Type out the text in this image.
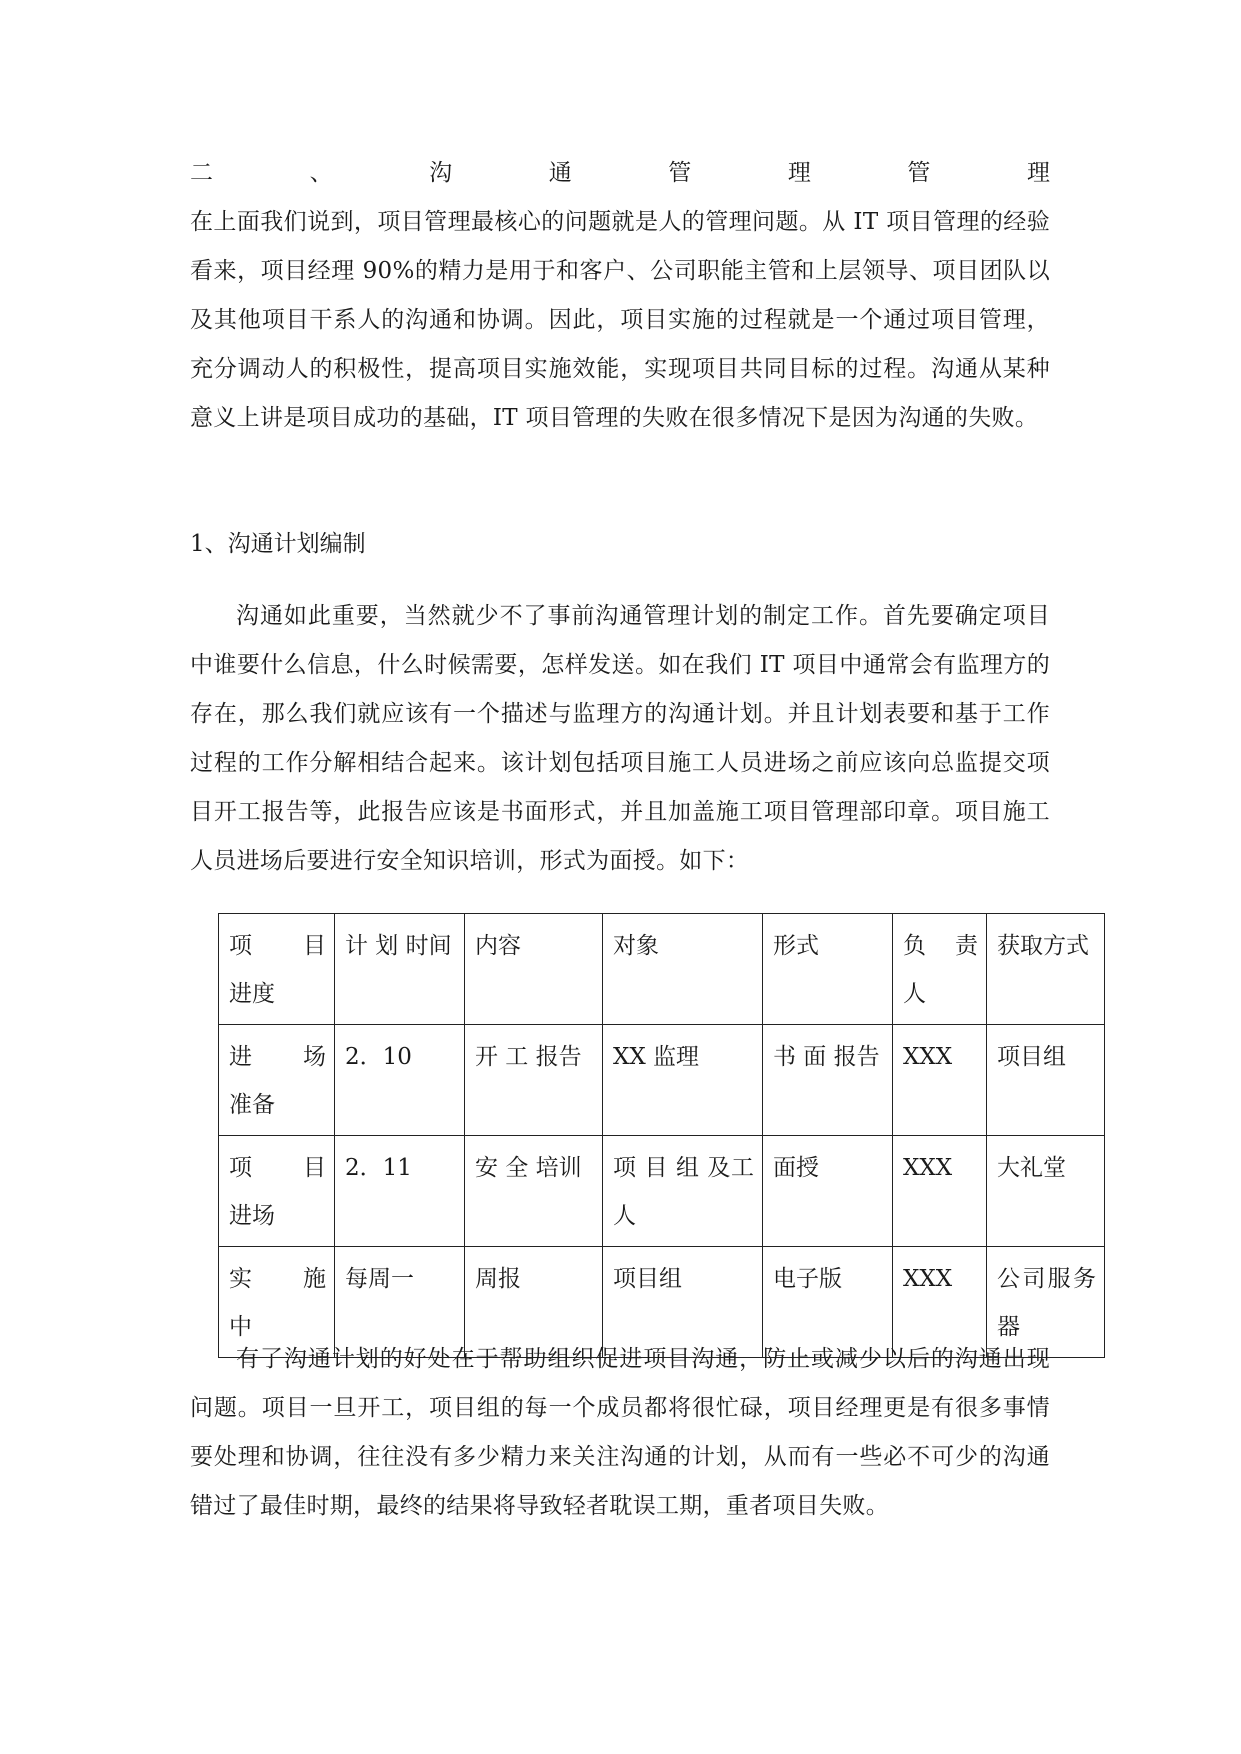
二	、	沟	通	管	理	管	理

在上面我们说到，项目管理最核心的问题就是人的管理问题。从 IT 项目管理的经验看来，项目经理 90%的精力是用于和客户、公司职能主管和上层领导、项目团队以及其他项目干系人的沟通和协调。因此，项目实施的过程就是一个通过项目管理，充分调动人的积极性，提高项目实施效能，实现项目共同目标的过程。沟通从某种意义上讲是项目成功的基础，IT 项目管理的失败在很多情况下是因为沟通的失败。

1、沟通计划编制

沟通如此重要，当然就少不了事前沟通管理计划的制定工作。首先要确定项目中谁要什么信息，什么时候需要，怎样发送。如在我们 IT 项目中通常会有监理方的存在，那么我们就应该有一个描述与监理方的沟通计划。并且计划表要和基于工作过程的工作分解相结合起来。该计划包括项目施工人员进场之前应该向总监提交项目开工报告等，此报告应该是书面形式，并且加盖施工项目管理部印章。项目施工人员进场后要进行安全知识培训，形式为面授。如下：

项　　目进度	计 划 时间	内容	对象	形式	负 责人	获取方式
进　　场准备	2．10	开 工 报告	XX 监理	书 面 报告	XXX	项目组
项　　目进场	2．11	安 全 培训	项 目 组 及工人	面授	XXX	大礼堂
实　　施中	每周一	周报	项目组	电子版	XXX	公司服务器

有了沟通计划的好处在于帮助组织促进项目沟通，防止或减少以后的沟通出现问题。项目一旦开工，项目组的每一个成员都将很忙碌，项目经理更是有很多事情要处理和协调，往往没有多少精力来关注沟通的计划，从而有一些必不可少的沟通错过了最佳时期，最终的结果将导致轻者耽误工期，重者项目失败。
